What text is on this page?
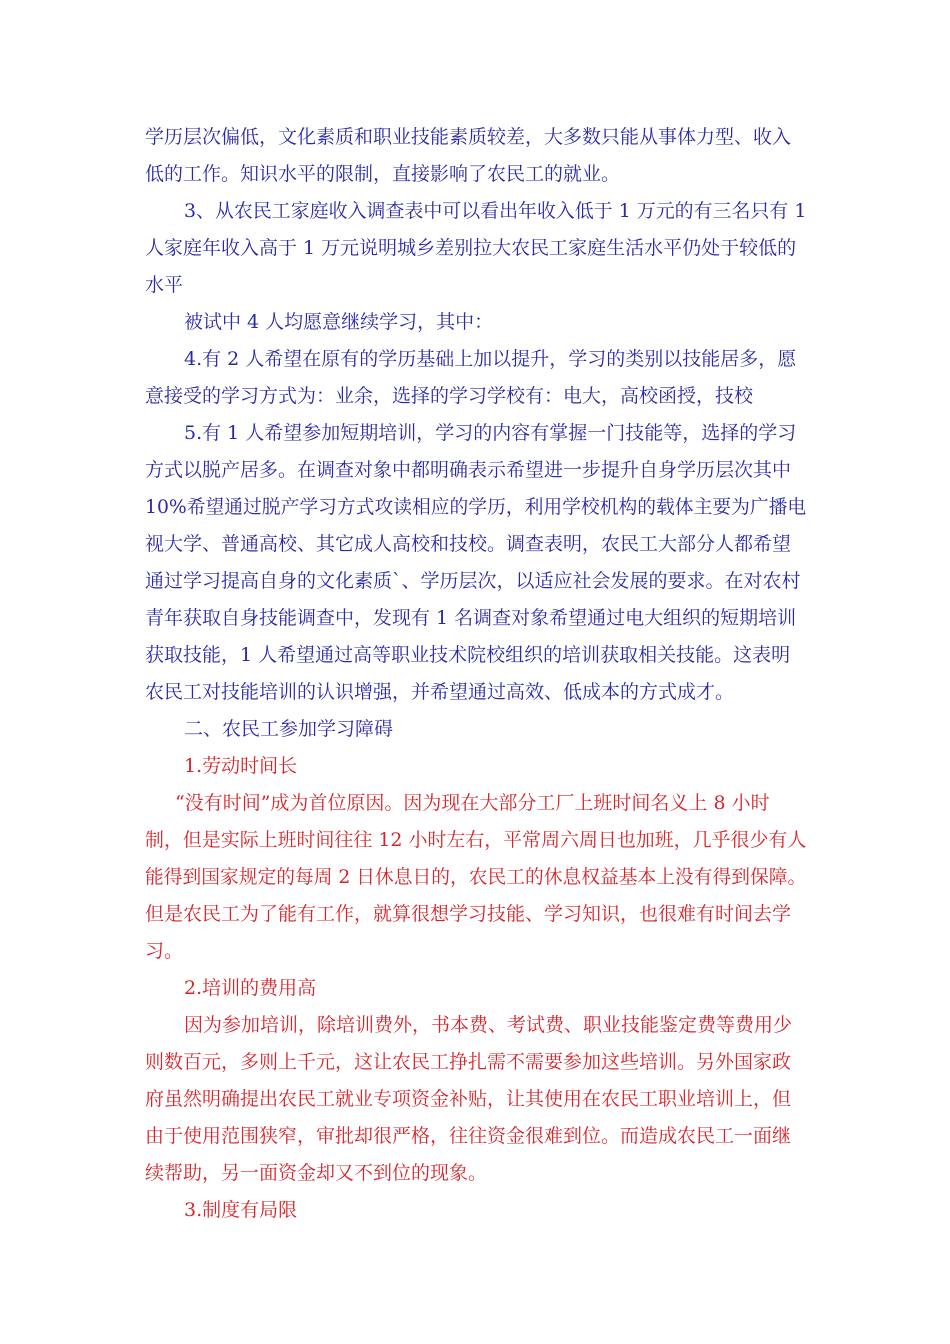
学历层次偏低，文化素质和职业技能素质较差，大多数只能从事体力型、收入
低的工作。知识水平的限制，直接影响了农民工的就业。
3、从农民工家庭收入调查表中可以看出年收入低于 1 万元的有三名只有 1
人家庭年收入高于 1 万元说明城乡差别拉大农民工家庭生活水平仍处于较低的
水平
被试中 4 人均愿意继续学习，其中：
4.有 2 人希望在原有的学历基础上加以提升，学习的类别以技能居多，愿
意接受的学习方式为：业余，选择的学习学校有：电大，高校函授，技校
5.有 1 人希望参加短期培训，学习的内容有掌握一门技能等，选择的学习
方式以脱产居多。在调查对象中都明确表示希望进一步提升自身学历层次其中
10%希望通过脱产学习方式攻读相应的学历，利用学校机构的载体主要为广播电
视大学、普通高校、其它成人高校和技校。调查表明，农民工大部分人都希望
通过学习提高自身的文化素质`、学历层次，以适应社会发展的要求。在对农村
青年获取自身技能调查中，发现有 1 名调查对象希望通过电大组织的短期培训
获取技能，1 人希望通过高等职业技术院校组织的培训获取相关技能。这表明
农民工对技能培训的认识增强，并希望通过高效、低成本的方式成才。
二、农民工参加学习障碍
1.劳动时间长
“没有时间”成为首位原因。因为现在大部分工厂上班时间名义上 8 小时
制，但是实际上班时间往往 12 小时左右，平常周六周日也加班，几乎很少有人
能得到国家规定的每周 2 日休息日的，农民工的休息权益基本上没有得到保障。
但是农民工为了能有工作，就算很想学习技能、学习知识，也很难有时间去学
习。
2.培训的费用高
因为参加培训，除培训费外，书本费、考试费、职业技能鉴定费等费用少
则数百元，多则上千元，这让农民工挣扎需不需要参加这些培训。另外国家政
府虽然明确提出农民工就业专项资金补贴，让其使用在农民工职业培训上，但
由于使用范围狭窄，审批却很严格，往往资金很难到位。而造成农民工一面继
续帮助，另一面资金却又不到位的现象。
3.制度有局限
